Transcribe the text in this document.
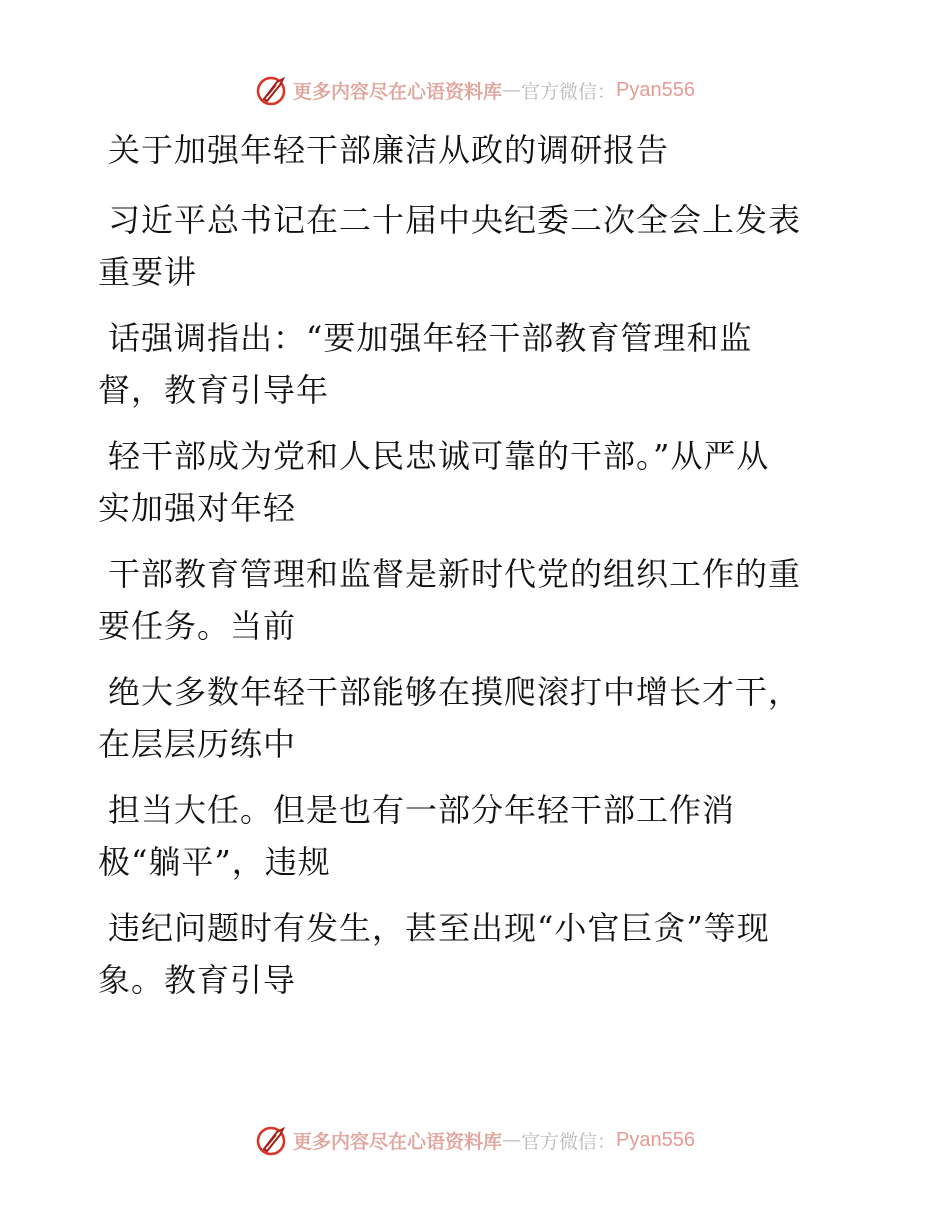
更多内容尽在心语资料库 — 官方微信： Pyan556
关于加强年轻干部廉洁从政的调研报告
习近平总书记在二十届中央纪委二次全会上发表
重要讲
话强调指出：“要加强年轻干部教育管理和监
督，教育引导年
轻干部成为党和人民忠诚可靠的干部。”从严从
实加强对年轻
干部教育管理和监督是新时代党的组织工作的重
要任务。当前
绝大多数年轻干部能够在摸爬滚打中增长才干，
在层层历练中
担当大任。但是也有一部分年轻干部工作消
极“躺平”，违规
违纪问题时有发生，甚至出现“小官巨贪”等现
象。教育引导
更多内容尽在心语资料库 — 官方微信： Pyan556
